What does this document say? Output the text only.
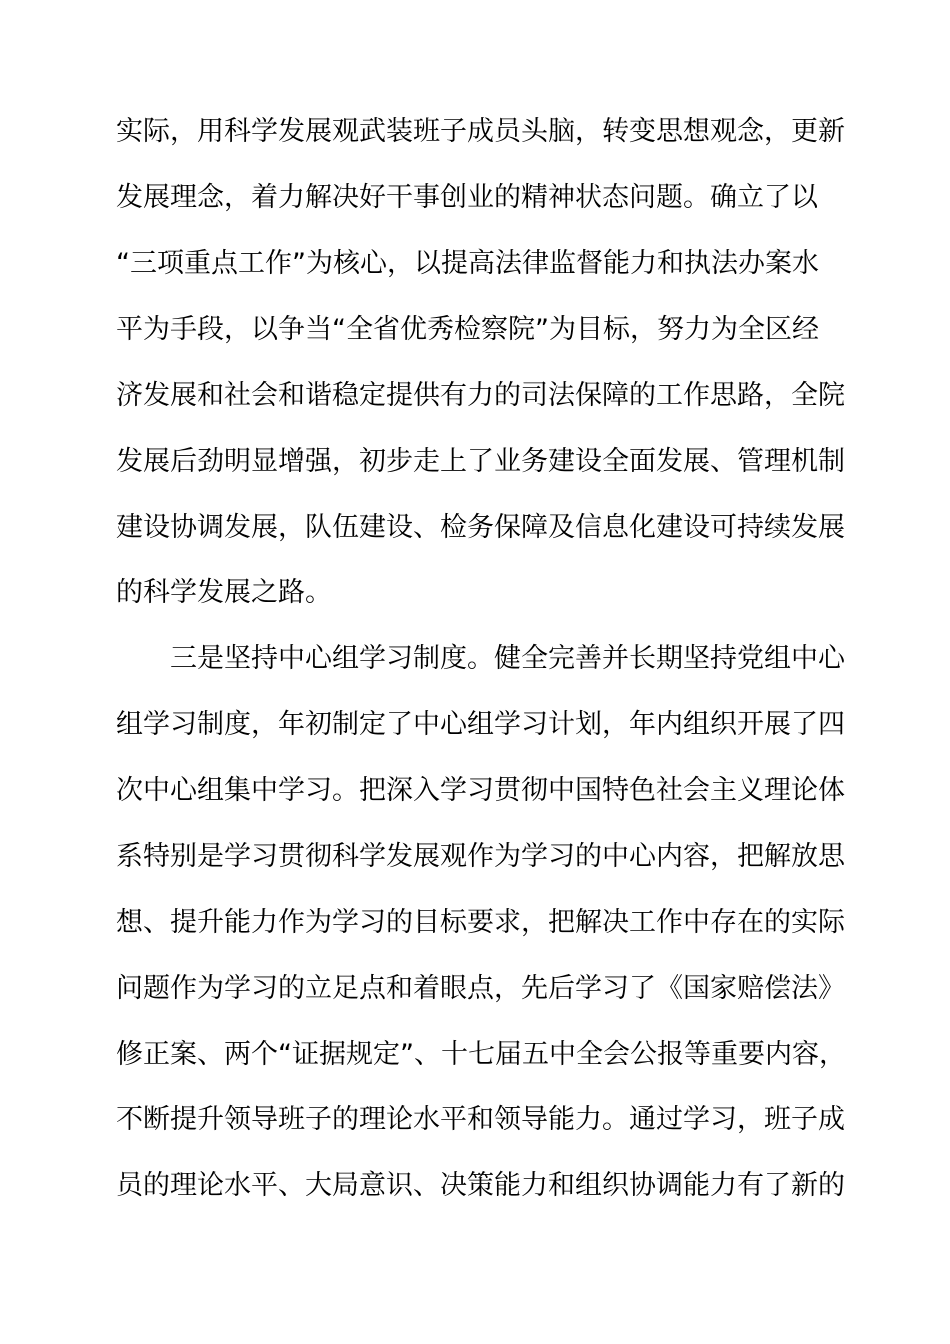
实际，用科学发展观武装班子成员头脑，转变思想观念，更新
发展理念，着力解决好干事创业的精神状态问题。确立了以
“三项重点工作”为核心，以提高法律监督能力和执法办案水
平为手段，以争当“全省优秀检察院”为目标，努力为全区经
济发展和社会和谐稳定提供有力的司法保障的工作思路，全院
发展后劲明显增强，初步走上了业务建设全面发展、管理机制
建设协调发展，队伍建设、检务保障及信息化建设可持续发展
的科学发展之路。
三是坚持中心组学习制度。健全完善并长期坚持党组中心
组学习制度，年初制定了中心组学习计划，年内组织开展了四
次中心组集中学习。把深入学习贯彻中国特色社会主义理论体
系特别是学习贯彻科学发展观作为学习的中心内容，把解放思
想、提升能力作为学习的目标要求，把解决工作中存在的实际
问题作为学习的立足点和着眼点，先后学习了《国家赔偿法》
修正案、两个“证据规定”、十七届五中全会公报等重要内容，
不断提升领导班子的理论水平和领导能力。通过学习，班子成
员的理论水平、大局意识、决策能力和组织协调能力有了新的
